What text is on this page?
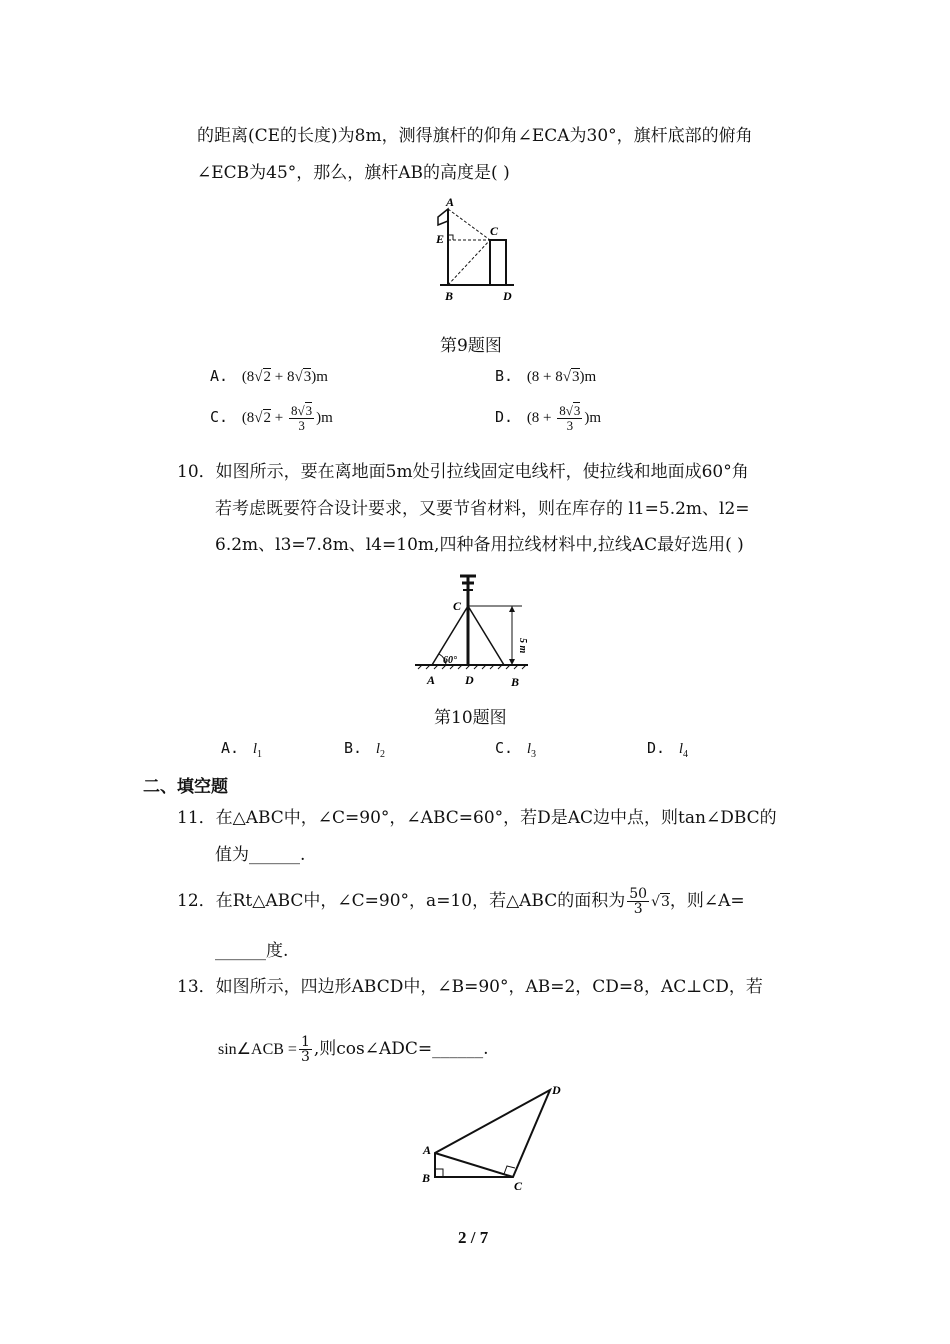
的距离(CE的长度)为8m，测得旗杆的仰角∠ECA为30°，旗杆底部的俯角
∠ECB为45°，那么，旗杆AB的高度是( )
A
E
C
B	D
第9题图
A. (8√2 + 8√3)m	B. (8 + 8√3)m
C. $(8√2 + \frac{8√3}{3} )m$	D. $(8 + \frac{8√3}{3} )m$
10．如图所示，要在离地面5m处引拉线固定电线杆，使拉线和地面成60°角
若考虑既要符合设计要求，又要节省材料，则在库存的 l1=5.2m、l2=
6.2m、l3=7.8m、l4=10m,四种备用拉线材料中,拉线AC最好选用( )
60°
5 m
C
A D	B
第10题图
A. $l_1$	B. $l_2$	C. $l_3$	D. $l_4$
二、填空题
11．在△ABC中，∠C=90°，∠ABC=60°，若D是AC边中点，则tan∠DBC的
值为______.
12．在Rt△ABC中，∠C=90°，a=10，若△ABC的面积为 $\frac{50}{3} √3$，则∠A=
______度.
13．如图所示，四边形ABCD中，∠B=90°，AB=2，CD=8，AC⊥CD，若
sin∠ACB = $\frac{1}{3}$ ,则cos∠ADC=______.
A
B
C
D
2 / 7
